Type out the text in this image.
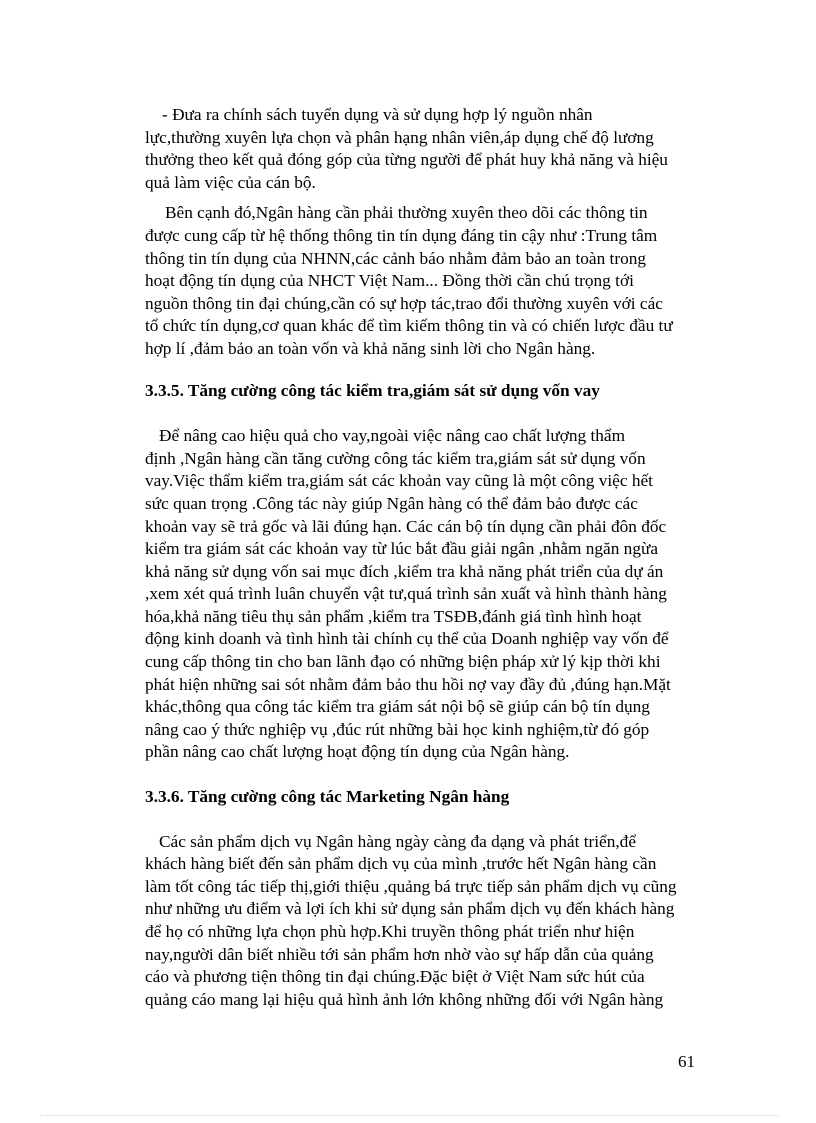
- Đưa ra chính sách tuyển dụng và sử dụng hợp lý nguồn nhân
lực,thường xuyên lựa chọn và phân hạng nhân viên,áp dụng chế độ lương
thưởng theo kết quả đóng góp của từng người để phát huy khả năng và hiệu
quả làm việc của cán bộ.
Bên cạnh đó,Ngân hàng cần phải thường xuyên theo dõi các thông tin
được cung cấp từ hệ thống thông tin tín dụng đáng tin cậy như :Trung tâm
thông tin tín dụng của NHNN,các cảnh báo nhằm đảm bảo an toàn trong
hoạt động tín dụng của NHCT Việt Nam... Đồng thời cần chú trọng tới
nguồn thông tin đại chúng,cần có sự hợp tác,trao đổi thường xuyên với các
tổ chức tín dụng,cơ quan khác để tìm kiếm thông tin và có chiến lược đầu tư
hợp lí ,đảm bảo an toàn vốn và khả năng sinh lời cho Ngân hàng.
3.3.5. Tăng cường công tác kiểm tra,giám sát sử dụng vốn vay
Để nâng cao hiệu quả cho vay,ngoài việc nâng cao chất lượng thẩm
định ,Ngân hàng cần tăng cường công tác kiểm tra,giám sát sử dụng vốn
vay.Việc thẩm kiểm tra,giám sát các khoản vay cũng là một công việc hết
sức quan trọng .Công tác này giúp Ngân hàng có thể đảm bảo được các
khoản vay sẽ trả gốc và lãi đúng hạn. Các cán bộ tín dụng cần phải đôn đốc
kiểm tra giám sát các khoản vay từ lúc bắt đầu giải ngân ,nhằm ngăn ngừa
khả năng sử dụng vốn sai mục đích ,kiểm tra khả năng phát triển của dự án
,xem xét quá trình luân chuyển vật tư,quá trình sản xuất và hình thành hàng
hóa,khả năng tiêu thụ sản phẩm ,kiểm tra TSĐB,đánh giá tình hình hoạt
động kinh doanh và tình hình tài chính cụ thể của Doanh nghiệp vay vốn để
cung cấp thông tin cho ban lãnh đạo có những biện pháp xử lý kịp thời khi
phát hiện những sai sót nhằm đảm bảo thu hồi nợ vay đầy đủ ,đúng hạn.Mặt
khác,thông qua công tác kiểm tra giám sát nội bộ sẽ giúp cán bộ tín dụng
nâng cao ý thức nghiệp vụ ,đúc rút những bài học kinh nghiệm,từ đó góp
phần nâng cao chất lượng hoạt động tín dụng của Ngân hàng.
3.3.6. Tăng cường công tác Marketing Ngân hàng
Các sản phẩm dịch vụ Ngân hàng ngày càng đa dạng và phát triển,để
khách hàng biết đến sản phẩm dịch vụ của mình ,trước hết Ngân hàng cần
làm tốt công tác tiếp thị,giới thiệu ,quảng bá trực tiếp sản phẩm dịch vụ cũng
như những ưu điểm và lợi ích khi sử dụng sản phẩm dịch vụ đến khách hàng
để họ có những lựa chọn phù hợp.Khi truyền thông phát triển như hiện
nay,người dân biết nhiều tới sản phẩm hơn nhờ vào sự hấp dẫn của quảng
cáo và phương tiện thông tin đại chúng.Đặc biệt ở Việt Nam sức hút của
quảng cáo mang lại hiệu quả hình ảnh lớn không những đối với Ngân hàng
61
